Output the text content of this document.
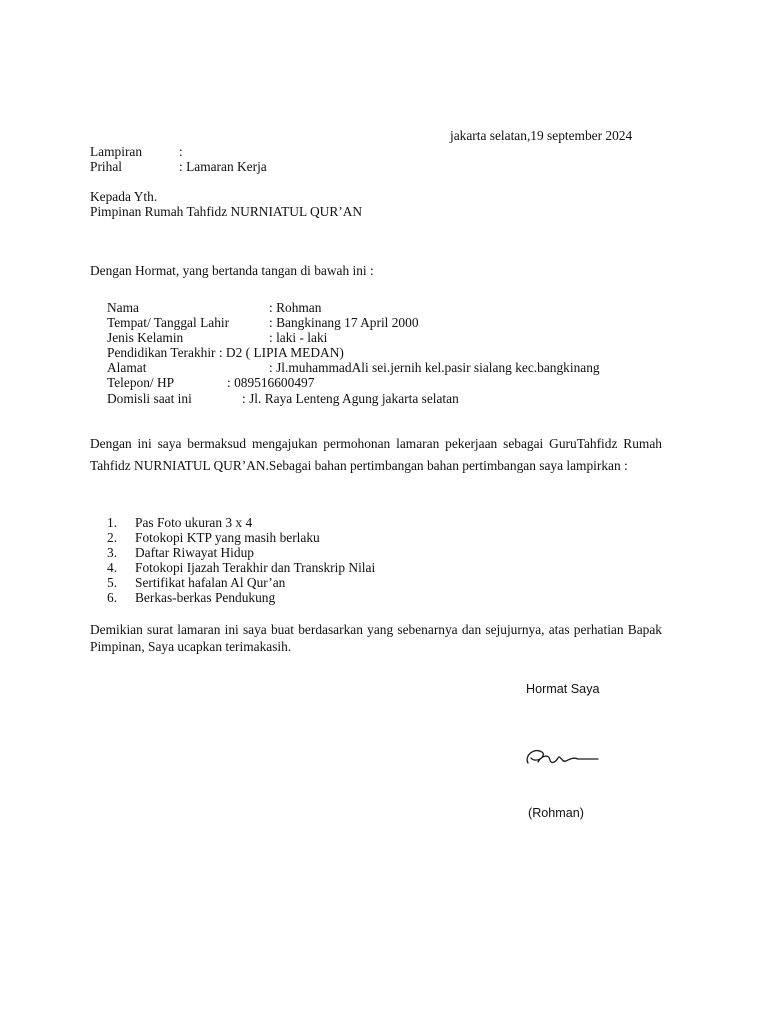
jakarta selatan,19 september 2024
Lampiran	:
Prihal	: Lamaran Kerja
Kepada Yth.
Pimpinan Rumah Tahfidz NURNIATUL QUR’AN
Dengan Hormat, yang bertanda tangan di bawah ini :
Nama	: Rohman
Tempat/ Tanggal Lahir	: Bangkinang 17 April 2000
Jenis Kelamin	: laki - laki
Pendidikan Terakhir : D2 ( LIPIA MEDAN)
Alamat	: Jl.muhammadAli sei.jernih kel.pasir sialang kec.bangkinang
Telepon/ HP	: 089516600497
Domisli saat ini	: Jl. Raya Lenteng Agung jakarta selatan
Dengan ini saya bermaksud mengajukan permohonan lamaran pekerjaan sebagai GuruTahfidz Rumah Tahfidz NURNIATUL QUR’AN.Sebagai bahan pertimbangan bahan pertimbangan saya lampirkan :
1. Pas Foto ukuran 3 x 4
2. Fotokopi KTP yang masih berlaku
3. Daftar Riwayat Hidup
4. Fotokopi Ijazah Terakhir dan Transkrip Nilai
5. Sertifikat hafalan Al Qur’an
6. Berkas-berkas Pendukung
Demikian surat lamaran ini saya buat berdasarkan yang sebenarnya dan sejujurnya, atas perhatian Bapak Pimpinan, Saya ucapkan terimakasih.
Hormat Saya
(Rohman)
